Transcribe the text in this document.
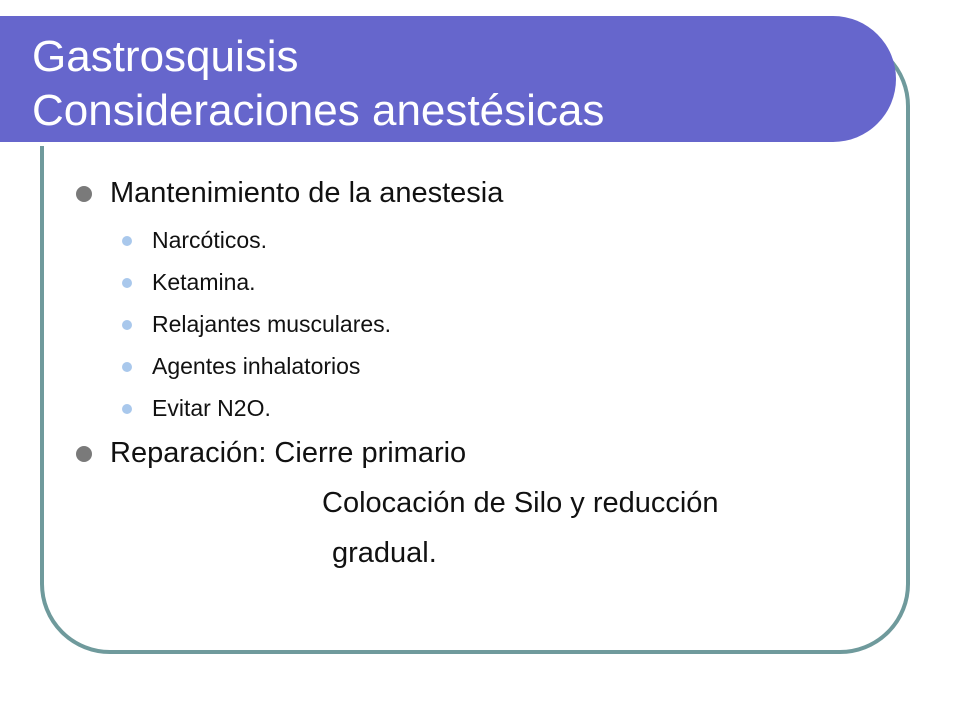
Gastrosquisis
Consideraciones anestésicas
Mantenimiento de la anestesia
Narcóticos.
Ketamina.
Relajantes musculares.
Agentes inhalatorios
Evitar N2O.
Reparación: Cierre primario
Colocación de Silo y reducción
gradual.
